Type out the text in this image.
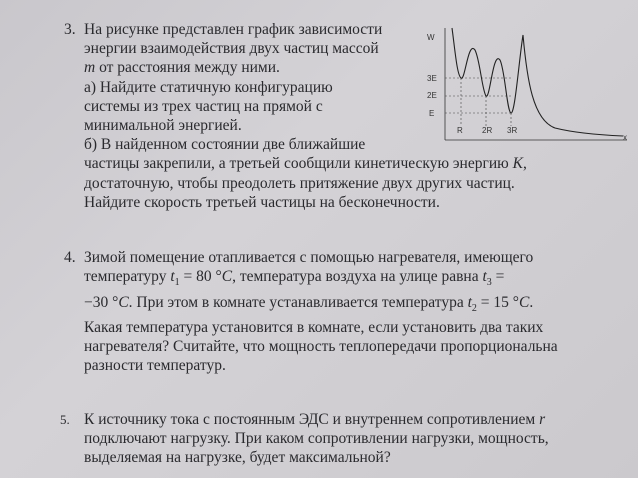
3. На рисунке представлен график зависимости
энергии взаимодействия двух частиц массой
m от расстояния между ними.
а) Найдите статичную конфигурацию
системы из трех частиц на прямой с
минимальной энергией.
б) В найденном состоянии две ближайшие
частицы закрепили, а третьей сообщили кинетическую энергию K,
достаточную, чтобы преодолеть притяжение двух других частиц.
Найдите скорость третьей частицы на бесконечности.
W
x
3E
2E
E
R 2R 3R
4. Зимой помещение отапливается с помощью нагревателя, имеющего
температуру $t_1 = 80$ °C, температура воздуха на улице равна $t_3$ =
−30 °C. При этом в комнате устанавливается температура $t_2 = 15$ °C.
Какая температура установится в комнате, если установить два таких
нагревателя? Считайте, что мощность теплопередачи пропорциональна
разности температур.
5. К источнику тока с постоянным ЭДС и внутреннем сопротивлением r
подключают нагрузку. При каком сопротивлении нагрузки, мощность,
выделяемая на нагрузке, будет максимальной?
